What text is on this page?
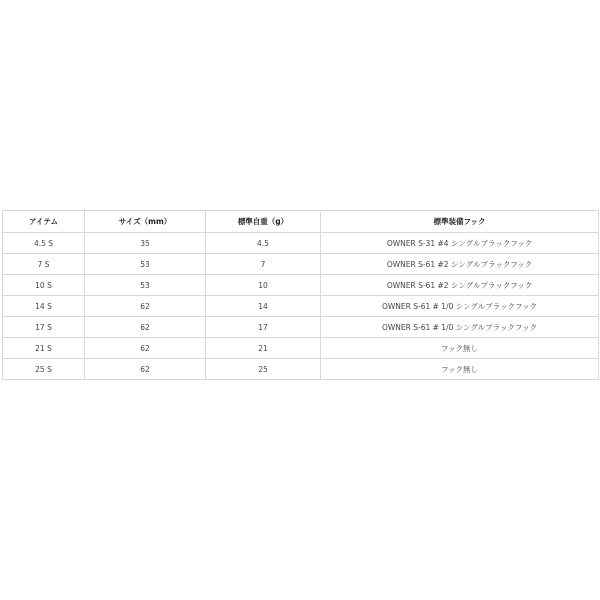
アイテム	サイズ（mm）	標準自重（g）	標準装備フック
4.5 S	35	4.5	OWNER S-31 #4 シングルブラックフック
7 S	53	7	OWNER S-61 #2 シングルブラックフック
10 S	53	10	OWNER S-61 #2 シングルブラックフック
14 S	62	14	OWNER S-61 # 1/0 シングルブラックフック
17 S	62	17	OWNER S-61 # 1/0 シングルブラックフック
21 S	62	21	フック無し
25 S	62	25	フック無し
